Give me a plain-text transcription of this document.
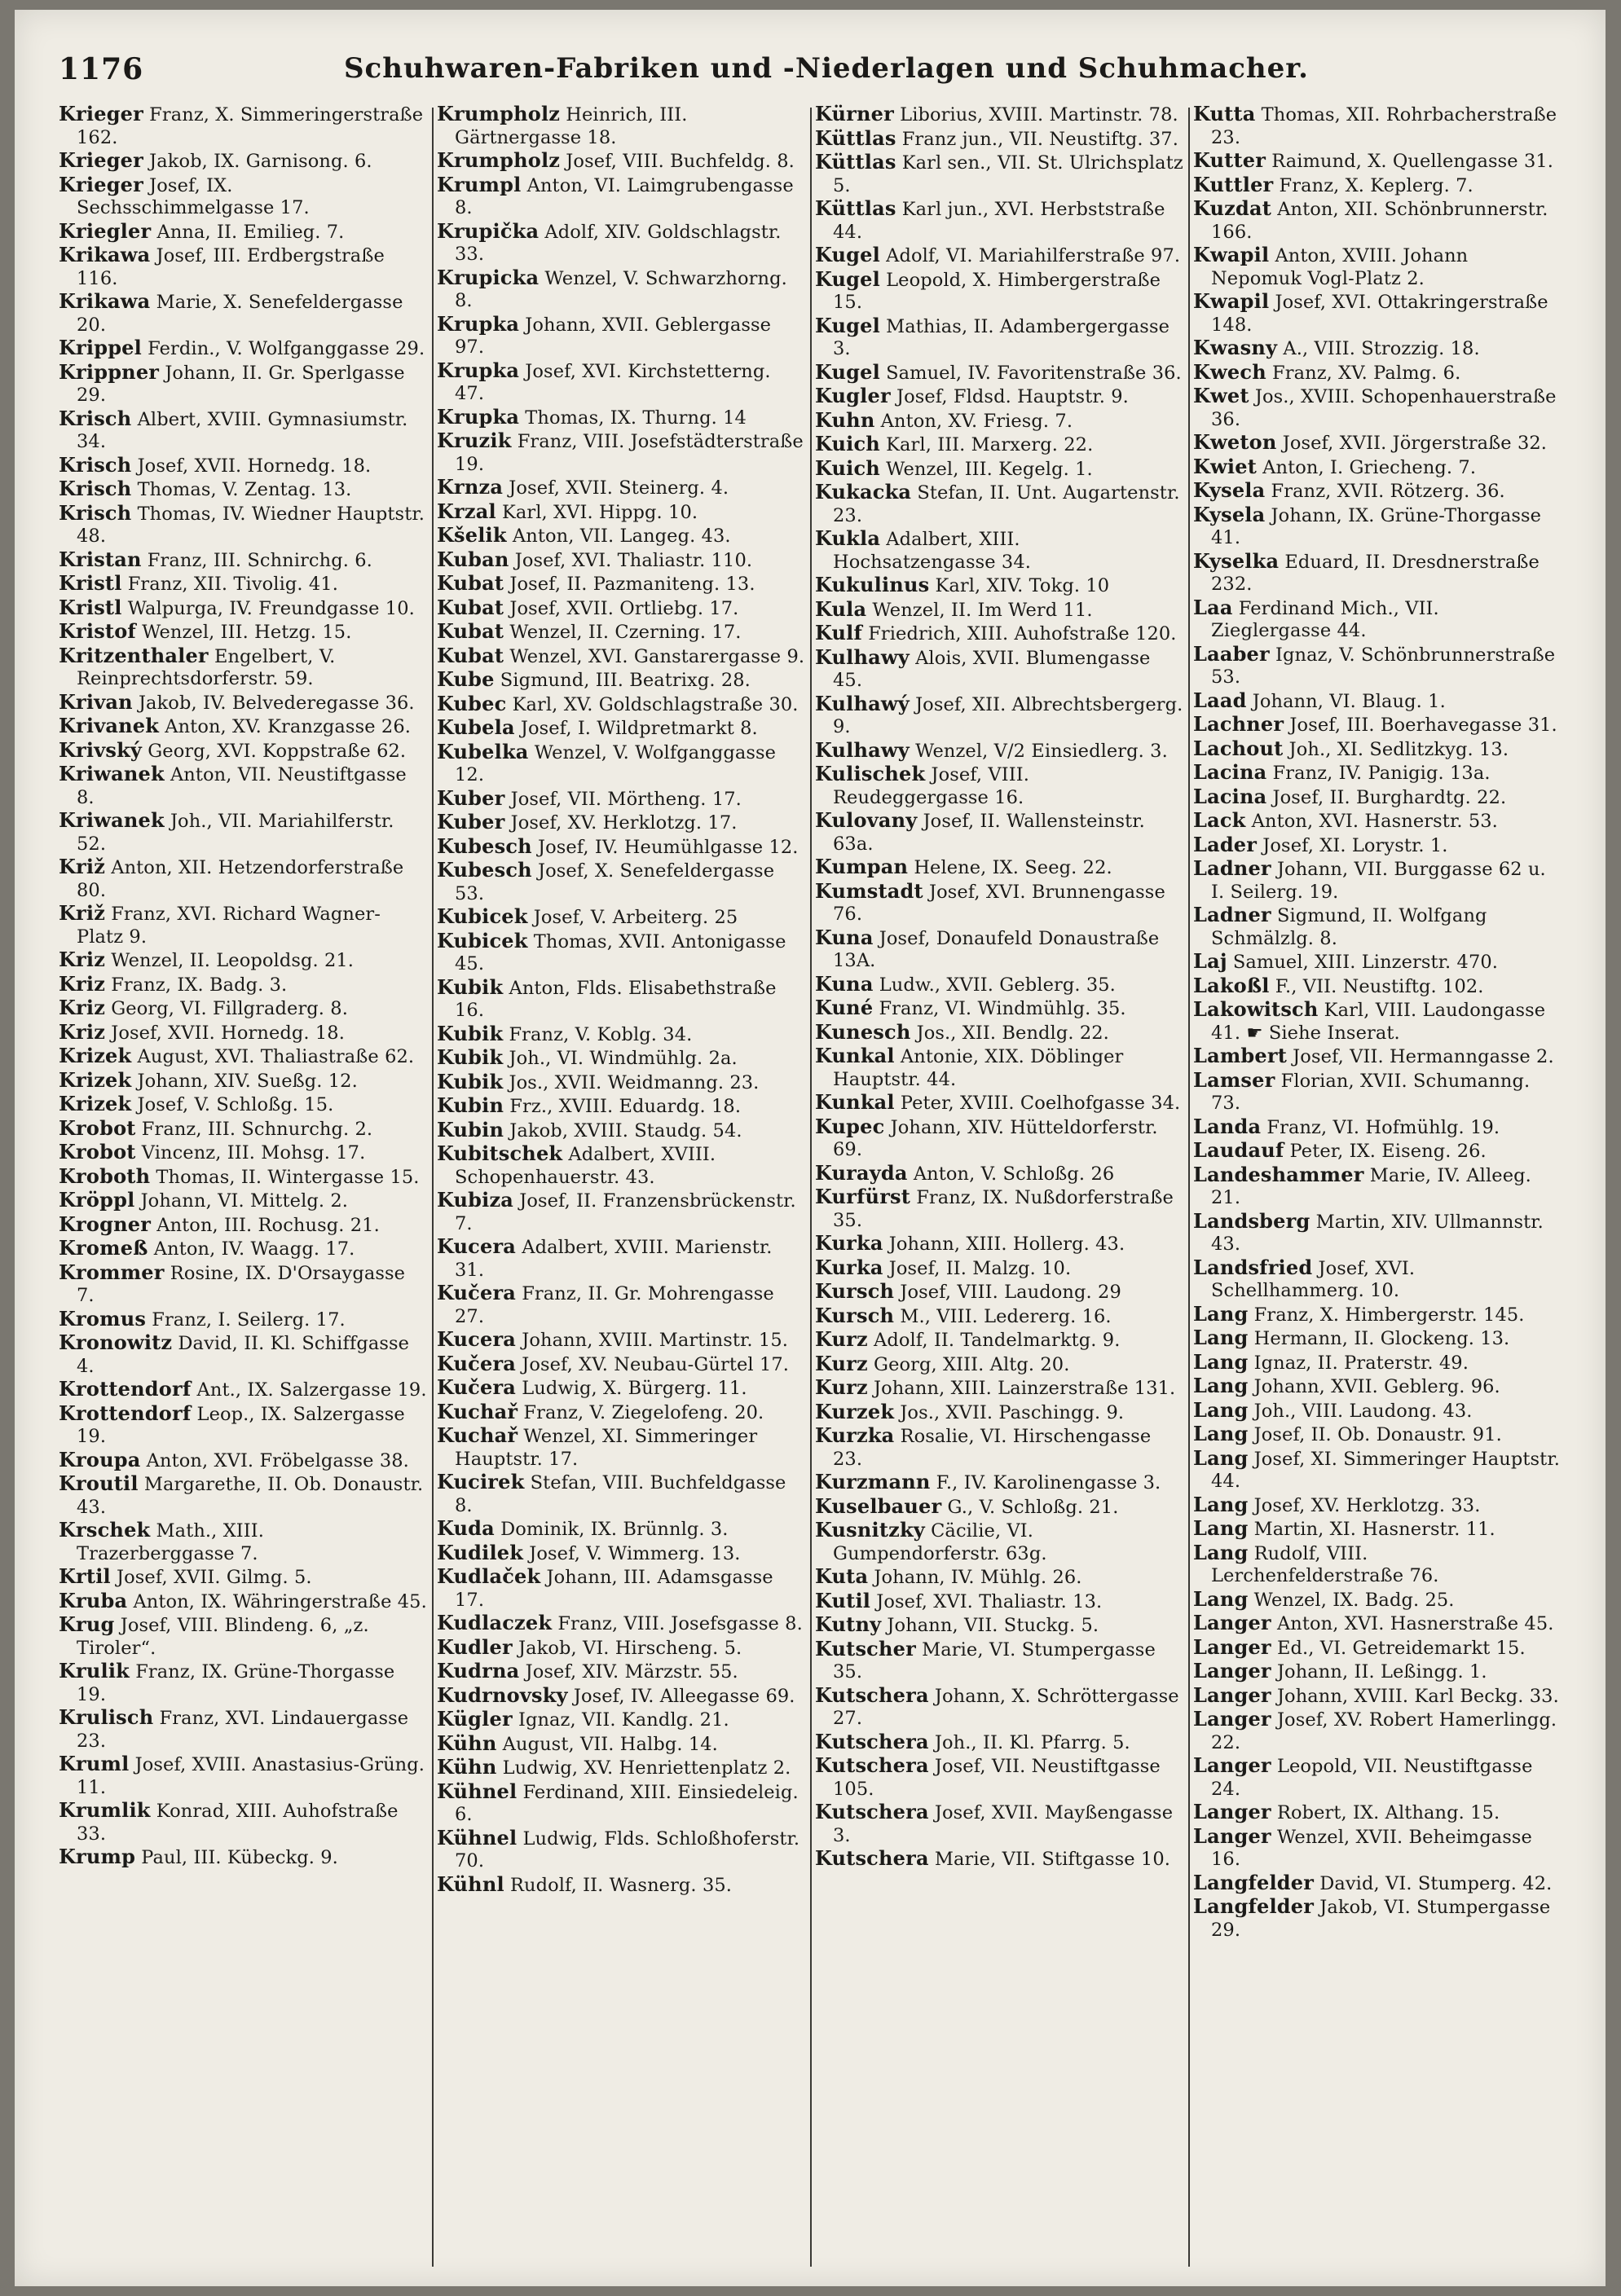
1176	Schuhwaren-Fabriken und -Niederlagen und Schuhmacher.

Krieger Franz, X. Simmeringerstraße 162.

Krieger Jakob, IX. Garnisong. 6.

Krieger Josef, IX. Sechsschimmelgasse 17.

Kriegler Anna, II. Emilieg. 7.

Krikawa Josef, III. Erdbergstraße 116.

Krikawa Marie, X. Senefeldergasse 20.

Krippel Ferdin., V. Wolfganggasse 29.

Krippner Johann, II. Gr. Sperlgasse 29.

Krisch Albert, XVIII. Gymnasiumstr. 34.

Krisch Josef, XVII. Hornedg. 18.

Krisch Thomas, V. Zentag. 13.

Krisch Thomas, IV. Wiedner Hauptstr. 48.

Kristan Franz, III. Schnirchg. 6.

Kristl Franz, XII. Tivolig. 41.

Kristl Walpurga, IV. Freundgasse 10.

Kristof Wenzel, III. Hetzg. 15.

Kritzenthaler Engelbert, V. Reinprechtsdorferstr. 59.

Krivan Jakob, IV. Belvederegasse 36.

Krivanek Anton, XV. Kranzgasse 26.

Krivský Georg, XVI. Koppstraße 62.

Kriwanek Anton, VII. Neustiftgasse 8.

Kriwanek Joh., VII. Mariahilferstr. 52.

Križ Anton, XII. Hetzendorferstraße 80.

Križ Franz, XVI. Richard Wagner-Platz 9.

Kriz Wenzel, II. Leopoldsg. 21.

Kriz Franz, IX. Badg. 3.

Kriz Georg, VI. Fillgraderg. 8.

Kriz Josef, XVII. Hornedg. 18.

Krizek August, XVI. Thaliastraße 62.

Krizek Johann, XIV. Sueßg. 12.

Krizek Josef, V. Schloßg. 15.

Krobot Franz, III. Schnurchg. 2.

Krobot Vincenz, III. Mohsg. 17.

Kroboth Thomas, II. Wintergasse 15.

Kröppl Johann, VI. Mittelg. 2.

Krogner Anton, III. Rochusg. 21.

Kromeß Anton, IV. Waagg. 17.

Krommer Rosine, IX. D'Orsaygasse 7.

Kromus Franz, I. Seilerg. 17.

Kronowitz David, II. Kl. Schiffgasse 4.

Krottendorf Ant., IX. Salzergasse 19.

Krottendorf Leop., IX. Salzergasse 19.

Kroupa Anton, XVI. Fröbelgasse 38.

Kroutil Margarethe, II. Ob. Donaustr. 43.

Krschek Math., XIII. Trazerberggasse 7.

Krtil Josef, XVII. Gilmg. 5.

Kruba Anton, IX. Währingerstraße 45.

Krug Josef, VIII. Blindeng. 6, „z. Tiroler“.

Krulik Franz, IX. Grüne-Thorgasse 19.

Krulisch Franz, XVI. Lindauergasse 23.

Kruml Josef, XVIII. Anastasius-Grüng. 11.

Krumlik Konrad, XIII. Auhofstraße 33.

Krump Paul, III. Kübeckg. 9.

Krumpholz Heinrich, III. Gärtnergasse 18.

Krumpholz Josef, VIII. Buchfeldg. 8.

Krumpl Anton, VI. Laimgrubengasse 8.

Krupička Adolf, XIV. Goldschlagstr. 33.

Krupicka Wenzel, V. Schwarzhorng. 8.

Krupka Johann, XVII. Geblergasse 97.

Krupka Josef, XVI. Kirchstetterng. 47.

Krupka Thomas, IX. Thurng. 14

Kruzik Franz, VIII. Josefstädterstraße 19.

Krnza Josef, XVII. Steinerg. 4.

Krzal Karl, XVI. Hippg. 10.

Kšelik Anton, VII. Langeg. 43.

Kuban Josef, XVI. Thaliastr. 110.

Kubat Josef, II. Pazmaniteng. 13.

Kubat Josef, XVII. Ortliebg. 17.

Kubat Wenzel, II. Czerning. 17.

Kubat Wenzel, XVI. Ganstarergasse 9.

Kube Sigmund, III. Beatrixg. 28.

Kubec Karl, XV. Goldschlagstraße 30.

Kubela Josef, I. Wildpretmarkt 8.

Kubelka Wenzel, V. Wolfganggasse 12.

Kuber Josef, VII. Mörtheng. 17.

Kuber Josef, XV. Herklotzg. 17.

Kubesch Josef, IV. Heumühlgasse 12.

Kubesch Josef, X. Senefeldergasse 53.

Kubicek Josef, V. Arbeiterg. 25

Kubicek Thomas, XVII. Antonigasse 45.

Kubik Anton, Flds. Elisabethstraße 16.

Kubik Franz, V. Koblg. 34.

Kubik Joh., VI. Windmühlg. 2a.

Kubik Jos., XVII. Weidmanng. 23.

Kubin Frz., XVIII. Eduardg. 18.

Kubin Jakob, XVIII. Staudg. 54.

Kubitschek Adalbert, XVIII. Schopenhauerstr. 43.

Kubiza Josef, II. Franzensbrückenstr. 7.

Kucera Adalbert, XVIII. Marienstr. 31.

Kučera Franz, II. Gr. Mohrengasse 27.

Kucera Johann, XVIII. Martinstr. 15.

Kučera Josef, XV. Neubau-Gürtel 17.

Kučera Ludwig, X. Bürgerg. 11.

Kuchař Franz, V. Ziegelofeng. 20.

Kuchař Wenzel, XI. Simmeringer Hauptstr. 17.

Kucirek Stefan, VIII. Buchfeldgasse 8.

Kuda Dominik, IX. Brünnlg. 3.

Kudilek Josef, V. Wimmerg. 13.

Kudlaček Johann, III. Adamsgasse 17.

Kudlaczek Franz, VIII. Josefsgasse 8.

Kudler Jakob, VI. Hirscheng. 5.

Kudrna Josef, XIV. Märzstr. 55.

Kudrnovsky Josef, IV. Alleegasse 69.

Kügler Ignaz, VII. Kandlg. 21.

Kühn August, VII. Halbg. 14.

Kühn Ludwig, XV. Henriettenplatz 2.

Kühnel Ferdinand, XIII. Einsiedeleig. 6.

Kühnel Ludwig, Flds. Schloßhoferstr. 70.

Kühnl Rudolf, II. Wasnerg. 35.

Kürner Liborius, XVIII. Martinstr. 78.

Küttlas Franz jun., VII. Neustiftg. 37.

Küttlas Karl sen., VII. St. Ulrichsplatz 5.

Küttlas Karl jun., XVI. Herbststraße 44.

Kugel Adolf, VI. Mariahilferstraße 97.

Kugel Leopold, X. Himbergerstraße 15.

Kugel Mathias, II. Adambergergasse 3.

Kugel Samuel, IV. Favoritenstraße 36.

Kugler Josef, Fldsd. Hauptstr. 9.

Kuhn Anton, XV. Friesg. 7.

Kuich Karl, III. Marxerg. 22.

Kuich Wenzel, III. Kegelg. 1.

Kukacka Stefan, II. Unt. Augartenstr. 23.

Kukla Adalbert, XIII. Hochsatzengasse 34.

Kukulinus Karl, XIV. Tokg. 10

Kula Wenzel, II. Im Werd 11.

Kulf Friedrich, XIII. Auhofstraße 120.

Kulhawy Alois, XVII. Blumengasse 45.

Kulhawý Josef, XII. Albrechtsbergerg. 9.

Kulhawy Wenzel, V/2 Einsiedlerg. 3.

Kulischek Josef, VIII. Reudeggergasse 16.

Kulovany Josef, II. Wallensteinstr. 63a.

Kumpan Helene, IX. Seeg. 22.

Kumstadt Josef, XVI. Brunnengasse 76.

Kuna Josef, Donaufeld Donaustraße 13A.

Kuna Ludw., XVII. Geblerg. 35.

Kuné Franz, VI. Windmühlg. 35.

Kunesch Jos., XII. Bendlg. 22.

Kunkal Antonie, XIX. Döblinger Hauptstr. 44.

Kunkal Peter, XVIII. Coelhofgasse 34.

Kupec Johann, XIV. Hütteldorferstr. 69.

Kurayda Anton, V. Schloßg. 26

Kurfürst Franz, IX. Nußdorferstraße 35.

Kurka Johann, XIII. Hollerg. 43.

Kurka Josef, II. Malzg. 10.

Kursch Josef, VIII. Laudong. 29

Kursch M., VIII. Ledererg. 16.

Kurz Adolf, II. Tandelmarktg. 9.

Kurz Georg, XIII. Altg. 20.

Kurz Johann, XIII. Lainzerstraße 131.

Kurzek Jos., XVII. Paschingg. 9.

Kurzka Rosalie, VI. Hirschengasse 23.

Kurzmann F., IV. Karolinengasse 3.

Kuselbauer G., V. Schloßg. 21.

Kusnitzky Cäcilie, VI. Gumpendorferstr. 63g.

Kuta Johann, IV. Mühlg. 26.

Kutil Josef, XVI. Thaliastr. 13.

Kutny Johann, VII. Stuckg. 5.

Kutscher Marie, VI. Stumpergasse 35.

Kutschera Johann, X. Schröttergasse 27.

Kutschera Joh., II. Kl. Pfarrg. 5.

Kutschera Josef, VII. Neustiftgasse 105.

Kutschera Josef, XVII. Mayßengasse 3.

Kutschera Marie, VII. Stiftgasse 10.

Kutta Thomas, XII. Rohrbacherstraße 23.

Kutter Raimund, X. Quellengasse 31.

Kuttler Franz, X. Keplerg. 7.

Kuzdat Anton, XII. Schönbrunnerstr. 166.

Kwapil Anton, XVIII. Johann Nepomuk Vogl-Platz 2.

Kwapil Josef, XVI. Ottakringerstraße 148.

Kwasny A., VIII. Strozzig. 18.

Kwech Franz, XV. Palmg. 6.

Kwet Jos., XVIII. Schopenhauerstraße 36.

Kweton Josef, XVII. Jörgerstraße 32.

Kwiet Anton, I. Griecheng. 7.

Kysela Franz, XVII. Rötzerg. 36.

Kysela Johann, IX. Grüne-Thorgasse 41.

Kyselka Eduard, II. Dresdnerstraße 232.

Laa Ferdinand Mich., VII. Zieglergasse 44.

Laaber Ignaz, V. Schönbrunnerstraße 53.

Laad Johann, VI. Blaug. 1.

Lachner Josef, III. Boerhavegasse 31.

Lachout Joh., XI. Sedlitzkyg. 13.

Lacina Franz, IV. Panigig. 13a.

Lacina Josef, II. Burghardtg. 22.

Lack Anton, XVI. Hasnerstr. 53.

Lader Josef, XI. Lorystr. 1.

Ladner Johann, VII. Burggasse 62 u. I. Seilerg. 19.

Ladner Sigmund, II. Wolfgang Schmälzlg. 8.

Laj Samuel, XIII. Linzerstr. 470.

Lakoßl F., VII. Neustiftg. 102.

Lakowitsch Karl, VIII. Laudongasse 41. ☛ Siehe Inserat.

Lambert Josef, VII. Hermanngasse 2.

Lamser Florian, XVII. Schumanng. 73.

Landa Franz, VI. Hofmühlg. 19.

Laudauf Peter, IX. Eiseng. 26.

Landeshammer Marie, IV. Alleeg. 21.

Landsberg Martin, XIV. Ullmannstr. 43.

Landsfried Josef, XVI. Schellhammerg. 10.

Lang Franz, X. Himbergerstr. 145.

Lang Hermann, II. Glockeng. 13.

Lang Ignaz, II. Praterstr. 49.

Lang Johann, XVII. Geblerg. 96.

Lang Joh., VIII. Laudong. 43.

Lang Josef, II. Ob. Donaustr. 91.

Lang Josef, XI. Simmeringer Hauptstr. 44.

Lang Josef, XV. Herklotzg. 33.

Lang Martin, XI. Hasnerstr. 11.

Lang Rudolf, VIII. Lerchenfelderstraße 76.

Lang Wenzel, IX. Badg. 25.

Langer Anton, XVI. Hasnerstraße 45.

Langer Ed., VI. Getreidemarkt 15.

Langer Johann, II. Leßingg. 1.

Langer Johann, XVIII. Karl Beckg. 33.

Langer Josef, XV. Robert Hamerlingg. 22.

Langer Leopold, VII. Neustiftgasse 24.

Langer Robert, IX. Althang. 15.

Langer Wenzel, XVII. Beheimgasse 16.

Langfelder David, VI. Stumperg. 42.

Langfelder Jakob, VI. Stumpergasse 29.
